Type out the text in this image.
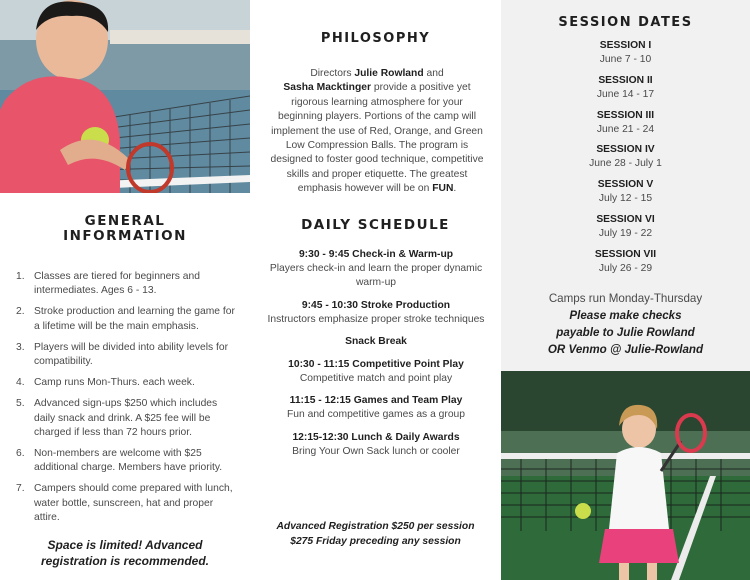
GENERAL
INFORMATION
1. Classes are tiered for beginners and intermediates. Ages 6 - 13.
2. Stroke production and learning the game for a lifetime will be the main emphasis.
3. Players will be divided into ability levels for compatibility.
4. Camp runs Mon-Thurs. each week.
5. Advanced sign-ups $250 which includes daily snack and drink. A $25 fee will be charged if less than 72 hours prior.
6. Non-members are welcome with $25 additional charge. Members have priority.
7. Campers should come prepared with lunch, water bottle, sunscreen, hat and proper attire.
Space is limited! Advanced
registration is recommended.
PHILOSOPHY
Directors Julie Rowland and
Sasha Macktinger provide a positive yet rigorous learning atmosphere for your beginning players. Portions of the camp will implement the use of Red, Orange, and Green Low Compression Balls. The program is designed to foster good technique, competitive skills and proper etiquette. The greatest emphasis however will be on FUN.
DAILY SCHEDULE
9:30 - 9:45 Check-in & Warm-up
Players check-in and learn the proper dynamic warm-up
9:45 - 10:30 Stroke Production
Instructors emphasize proper stroke techniques
Snack Break
10:30 - 11:15 Competitive Point Play
Competitive match and point play
11:15 - 12:15 Games and Team Play
Fun and competitive games as a group
12:15-12:30 Lunch & Daily Awards
Bring Your Own Sack lunch or cooler
Advanced Registration $250 per session
$275 Friday preceding any session
SESSION DATES
SESSION I
June 7 - 10
SESSION II
June 14 - 17
SESSION III
June 21 - 24
SESSION IV
June 28 - July 1
SESSION V
July 12 - 15
SESSION VI
July 19 - 22
SESSION VII
July 26 - 29
Camps run Monday-Thursday
Please make checks
payable to Julie Rowland
OR Venmo @ Julie-Rowland
